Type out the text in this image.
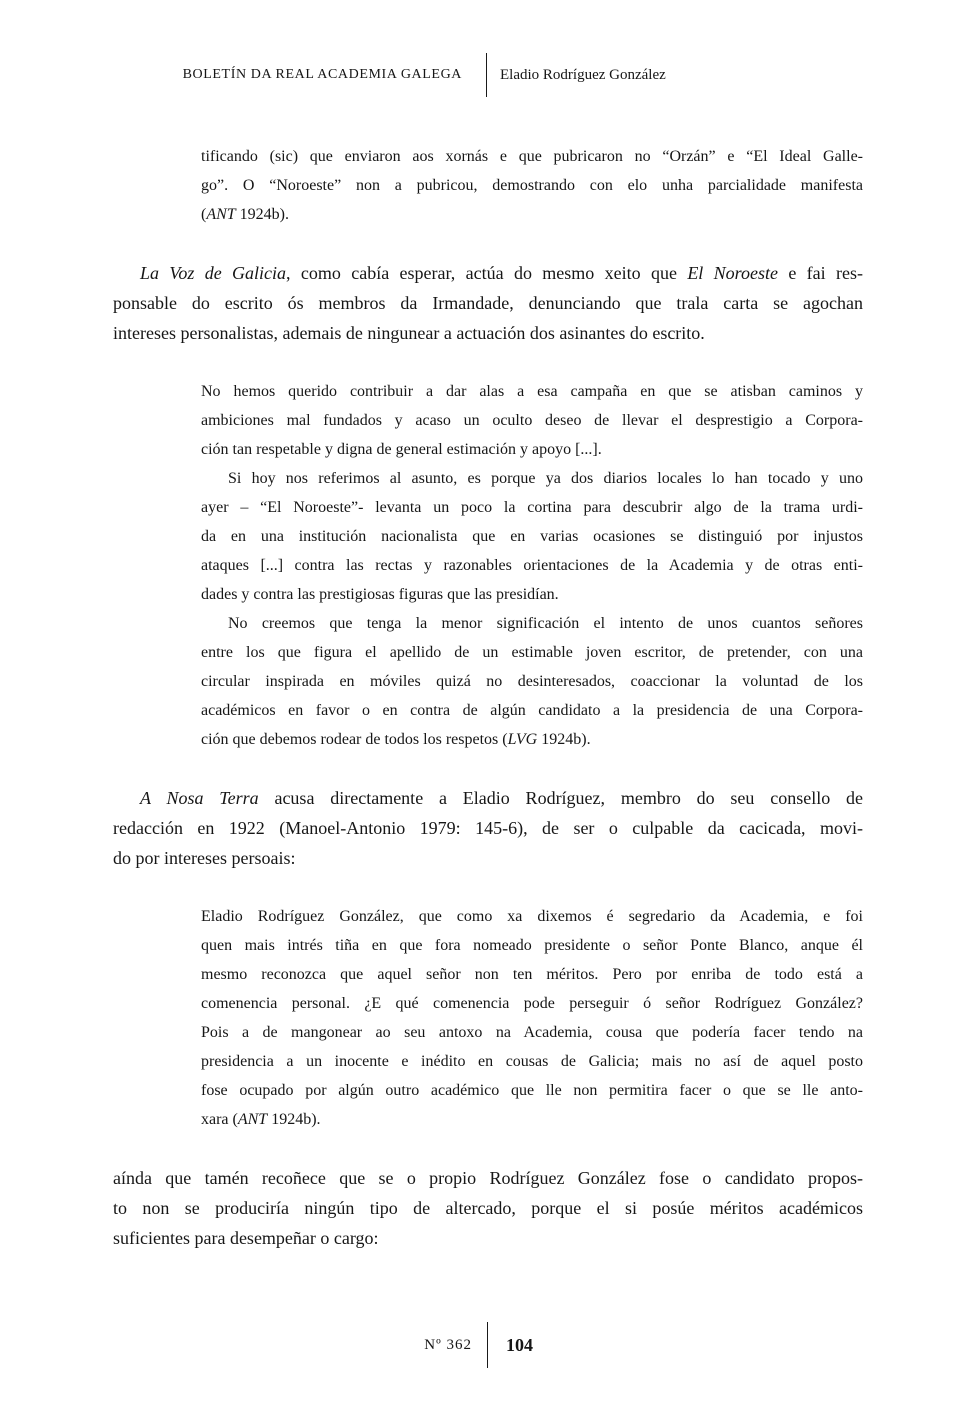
BOLETÍN DA REAL ACADEMIA GALEGA	Eladio Rodríguez González
tificando (sic) que enviaron aos xornás e que pubricaron no “Orzán” e “El Ideal Galle-
go”. O “Noroeste” non a pubricou, demostrando con elo unha parcialidade manifesta
(ANT 1924b).
La Voz de Galicia, como cabía esperar, actúa do mesmo xeito que El Noroeste e fai res-
ponsable do escrito ós membros da Irmandade, denunciando que trala carta se agochan
intereses personalistas, ademais de ningunear a actuación dos asinantes do escrito.
No hemos querido contribuir a dar alas a esa campaña en que se atisban caminos y
ambiciones mal fundados y acaso un oculto deseo de llevar el desprestigio a Corpora-
ción tan respetable y digna de general estimación y apoyo [...].
Si hoy nos referimos al asunto, es porque ya dos diarios locales lo han tocado y uno
ayer – “El Noroeste”- levanta un poco la cortina para descubrir algo de la trama urdi-
da en una institución nacionalista que en varias ocasiones se distinguió por injustos
ataques [...] contra las rectas y razonables orientaciones de la Academia y de otras enti-
dades y contra las prestigiosas figuras que las presidían.
No creemos que tenga la menor significación el intento de unos cuantos señores
entre los que figura el apellido de un estimable joven escritor, de pretender, con una
circular inspirada en móviles quizá no desinteresados, coaccionar la voluntad de los
académicos en favor o en contra de algún candidato a la presidencia de una Corpora-
ción que debemos rodear de todos los respetos (LVG 1924b).
A Nosa Terra acusa directamente a Eladio Rodríguez, membro do seu consello de
redacción en 1922 (Manoel-Antonio 1979: 145-6), de ser o culpable da cacicada, movi-
do por intereses persoais:
Eladio Rodríguez González, que como xa dixemos é segredario da Academia, e foi
quen mais intrés tiña en que fora nomeado presidente o señor Ponte Blanco, anque él
mesmo reconozca que aquel señor non ten méritos. Pero por enriba de todo está a
comenencia personal. ¿E qué comenencia pode perseguir ó señor Rodríguez González?
Pois a de mangonear ao seu antoxo na Academia, cousa que podería facer tendo na
presidencia a un inocente e inédito en cousas de Galicia; mais no así de aquel posto
fose ocupado por algún outro académico que lle non permitira facer o que se lle anto-
xara (ANT 1924b).
aínda que tamén recoñece que se o propio Rodríguez González fose o candidato propos-
to non se produciría ningún tipo de altercado, porque el si posúe méritos académicos
suficientes para desempeñar o cargo:
Nº 362 104
